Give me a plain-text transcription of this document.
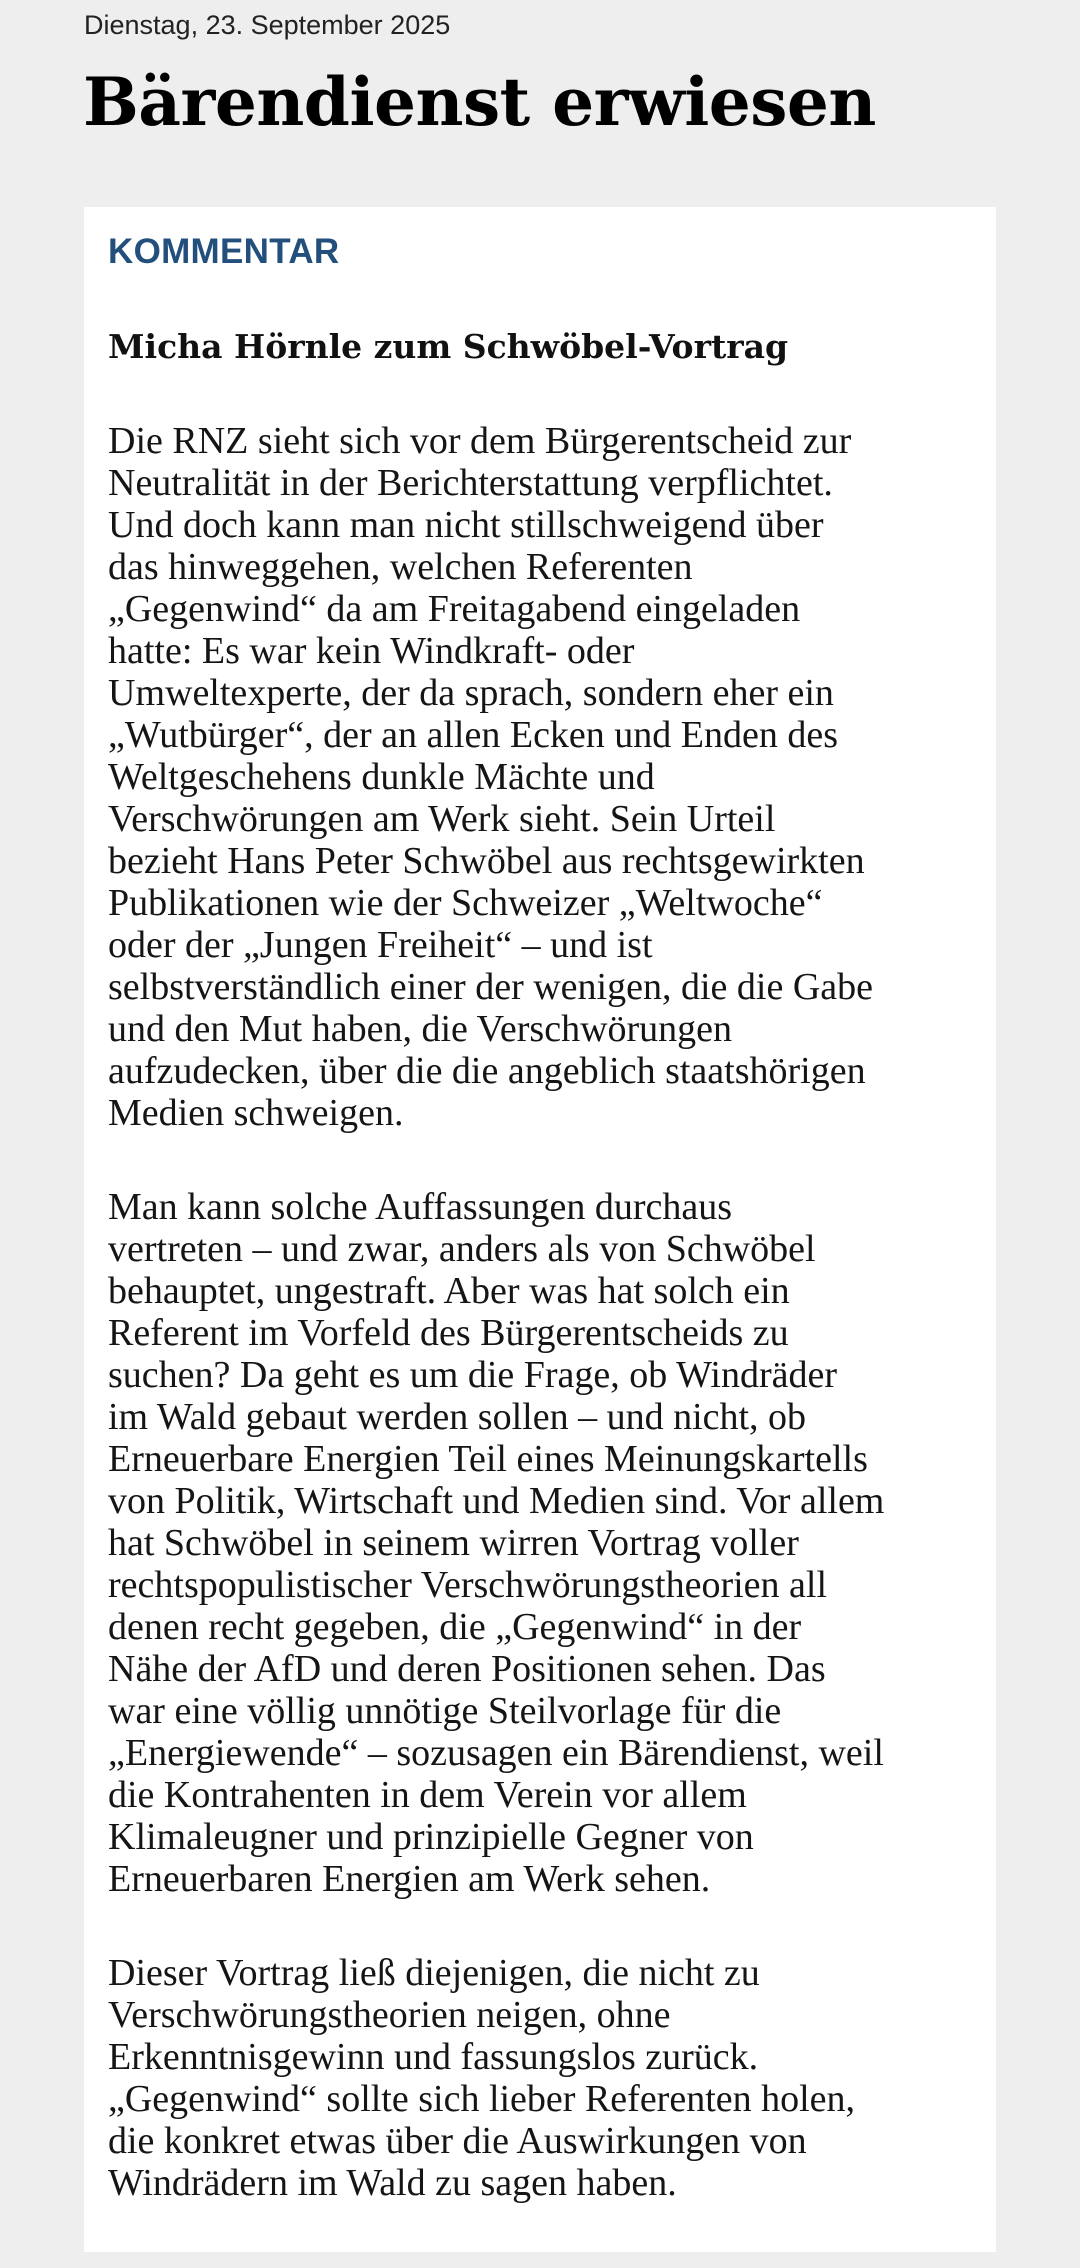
Dienstag, 23. September 2025
Bärendienst erwiesen
KOMMENTAR
Micha Hörnle zum Schwöbel-Vortrag
Die RNZ sieht sich vor dem Bürgerentscheid zur
Neutralität in der Berichterstattung verpflichtet.
Und doch kann man nicht stillschweigend über
das hinweggehen, welchen Referenten
„Gegenwind“ da am Freitagabend eingeladen
hatte: Es war kein Windkraft- oder
Umweltexperte, der da sprach, sondern eher ein
„Wutbürger“, der an allen Ecken und Enden des
Weltgeschehens dunkle Mächte und
Verschwörungen am Werk sieht. Sein Urteil
bezieht Hans Peter Schwöbel aus rechtsgewirkten
Publikationen wie der Schweizer „Weltwoche“
oder der „Jungen Freiheit“ – und ist
selbstverständlich einer der wenigen, die die Gabe
und den Mut haben, die Verschwörungen
aufzudecken, über die die angeblich staatshörigen
Medien schweigen.
Man kann solche Auffassungen durchaus
vertreten – und zwar, anders als von Schwöbel
behauptet, ungestraft. Aber was hat solch ein
Referent im Vorfeld des Bürgerentscheids zu
suchen? Da geht es um die Frage, ob Windräder
im Wald gebaut werden sollen – und nicht, ob
Erneuerbare Energien Teil eines Meinungskartells
von Politik, Wirtschaft und Medien sind. Vor allem
hat Schwöbel in seinem wirren Vortrag voller
rechtspopulistischer Verschwörungstheorien all
denen recht gegeben, die „Gegenwind“ in der
Nähe der AfD und deren Positionen sehen. Das
war eine völlig unnötige Steilvorlage für die
„Energiewende“ – sozusagen ein Bärendienst, weil
die Kontrahenten in dem Verein vor allem
Klimaleugner und prinzipielle Gegner von
Erneuerbaren Energien am Werk sehen.
Dieser Vortrag ließ diejenigen, die nicht zu
Verschwörungstheorien neigen, ohne
Erkenntnisgewinn und fassungslos zurück.
„Gegenwind“ sollte sich lieber Referenten holen,
die konkret etwas über die Auswirkungen von
Windrädern im Wald zu sagen haben.
